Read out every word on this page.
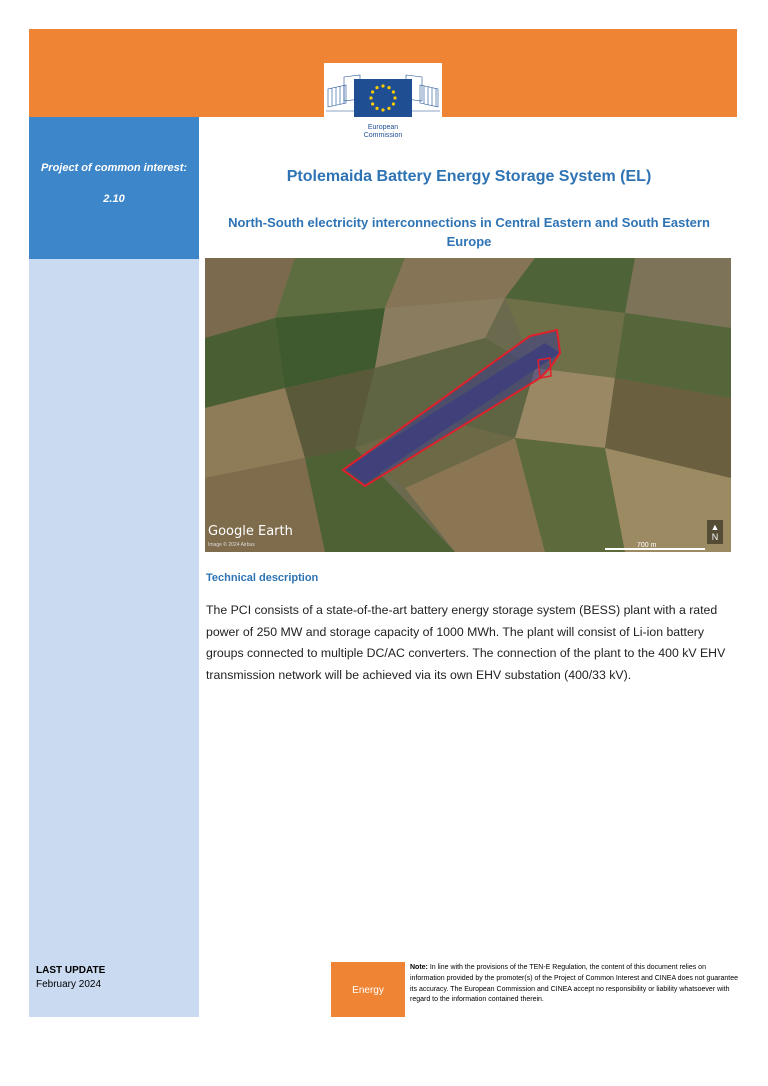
European
Commission
Project of common interest:
2.10
Ptolemaida Battery Energy Storage System (EL)
North-South electricity interconnections in Central Eastern and South Eastern Europe
Google Earth
Image © 2024 Airbus	700 m
▲
N
Technical description
The PCI consists of a state-of-the-art battery energy storage system (BESS) plant with a rated power of 250 MW and storage capacity of 1000 MWh. The plant will consist of Li-ion battery groups connected to multiple DC/AC converters. The connection of the plant to the 400 kV EHV transmission network will be achieved via its own EHV substation (400/33 kV).
LAST UPDATE
February 2024
Energy
Note: In line with the provisions of the TEN-E Regulation, the content of this document relies on information provided by the promoter(s) of the Project of Common Interest and CINEA does not guarantee its accuracy. The European Commission and CINEA accept no responsibility or liability whatsoever with regard to the information contained therein.
